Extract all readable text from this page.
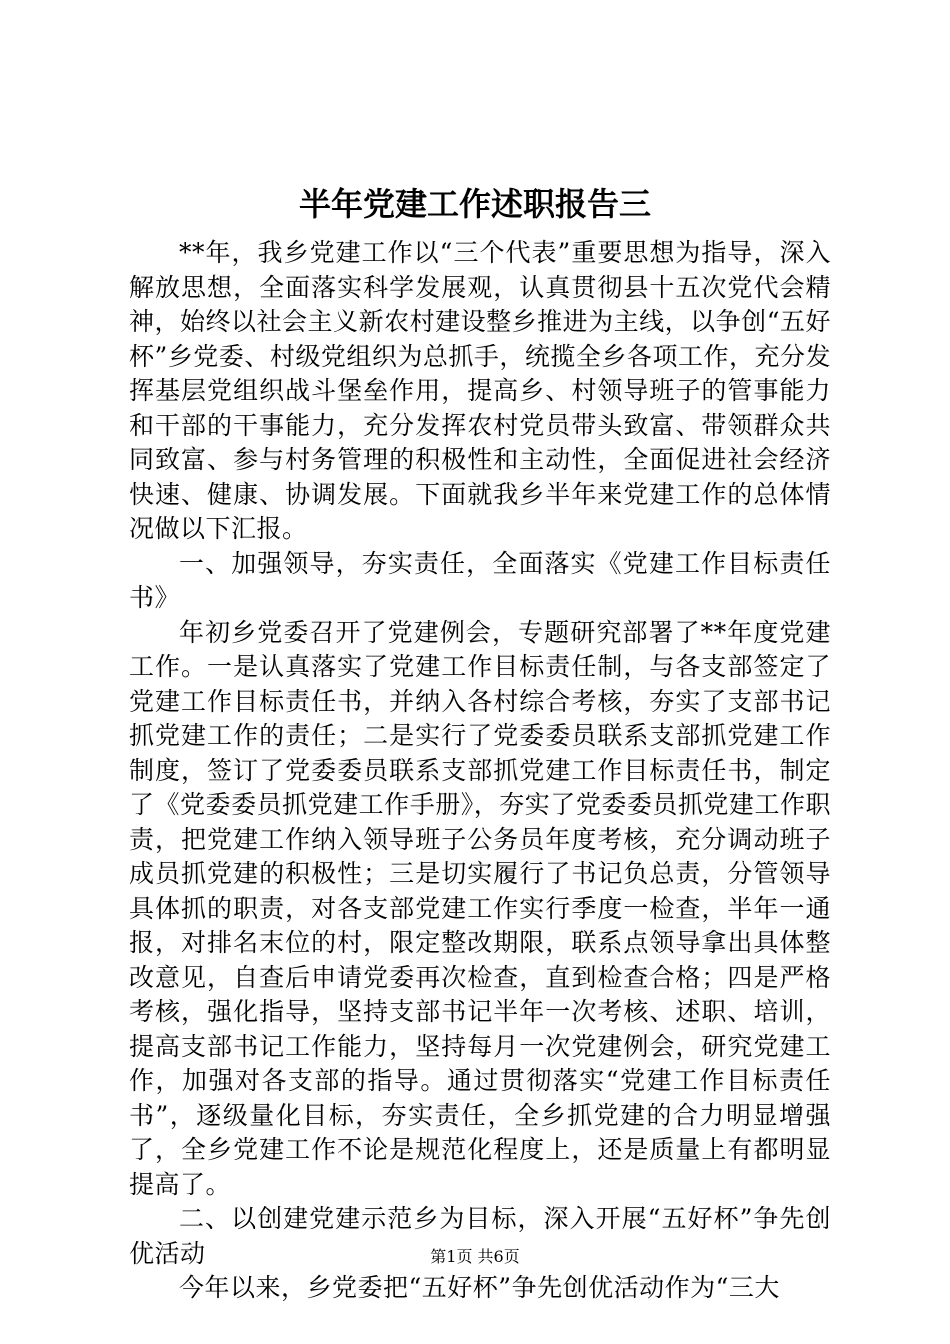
半年党建工作述职报告三

**年，我乡党建工作以“三个代表”重要思想为指导，深入解放思想，全面落实科学发展观，认真贯彻县十五次党代会精神，始终以社会主义新农村建设整乡推进为主线，以争创“五好杯”乡党委、村级党组织为总抓手，统揽全乡各项工作，充分发挥基层党组织战斗堡垒作用，提高乡、村领导班子的管事能力和干部的干事能力，充分发挥农村党员带头致富、带领群众共同致富、参与村务管理的积极性和主动性，全面促进社会经济快速、健康、协调发展。下面就我乡半年来党建工作的总体情况做以下汇报。

一、加强领导，夯实责任，全面落实《党建工作目标责任书》

年初乡党委召开了党建例会，专题研究部署了**年度党建工作。一是认真落实了党建工作目标责任制，与各支部签定了党建工作目标责任书，并纳入各村综合考核，夯实了支部书记抓党建工作的责任；二是实行了党委委员联系支部抓党建工作制度，签订了党委委员联系支部抓党建工作目标责任书，制定了《党委委员抓党建工作手册》，夯实了党委委员抓党建工作职责，把党建工作纳入领导班子公务员年度考核，充分调动班子成员抓党建的积极性；三是切实履行了书记负总责，分管领导具体抓的职责，对各支部党建工作实行季度一检查，半年一通报，对排名末位的村，限定整改期限，联系点领导拿出具体整改意见，自查后申请党委再次检查，直到检查合格；四是严格考核，强化指导，坚持支部书记半年一次考核、述职、培训，提高支部书记工作能力，坚持每月一次党建例会，研究党建工作，加强对各支部的指导。通过贯彻落实“党建工作目标责任书”，逐级量化目标，夯实责任，全乡抓党建的合力明显增强了，全乡党建工作不论是规范化程度上，还是质量上有都明显提高了。

二、以创建党建示范乡为目标，深入开展“五好杯”争先创优活动

今年以来，乡党委把“五好杯”争先创优活动作为“三大

第1页 共6页
